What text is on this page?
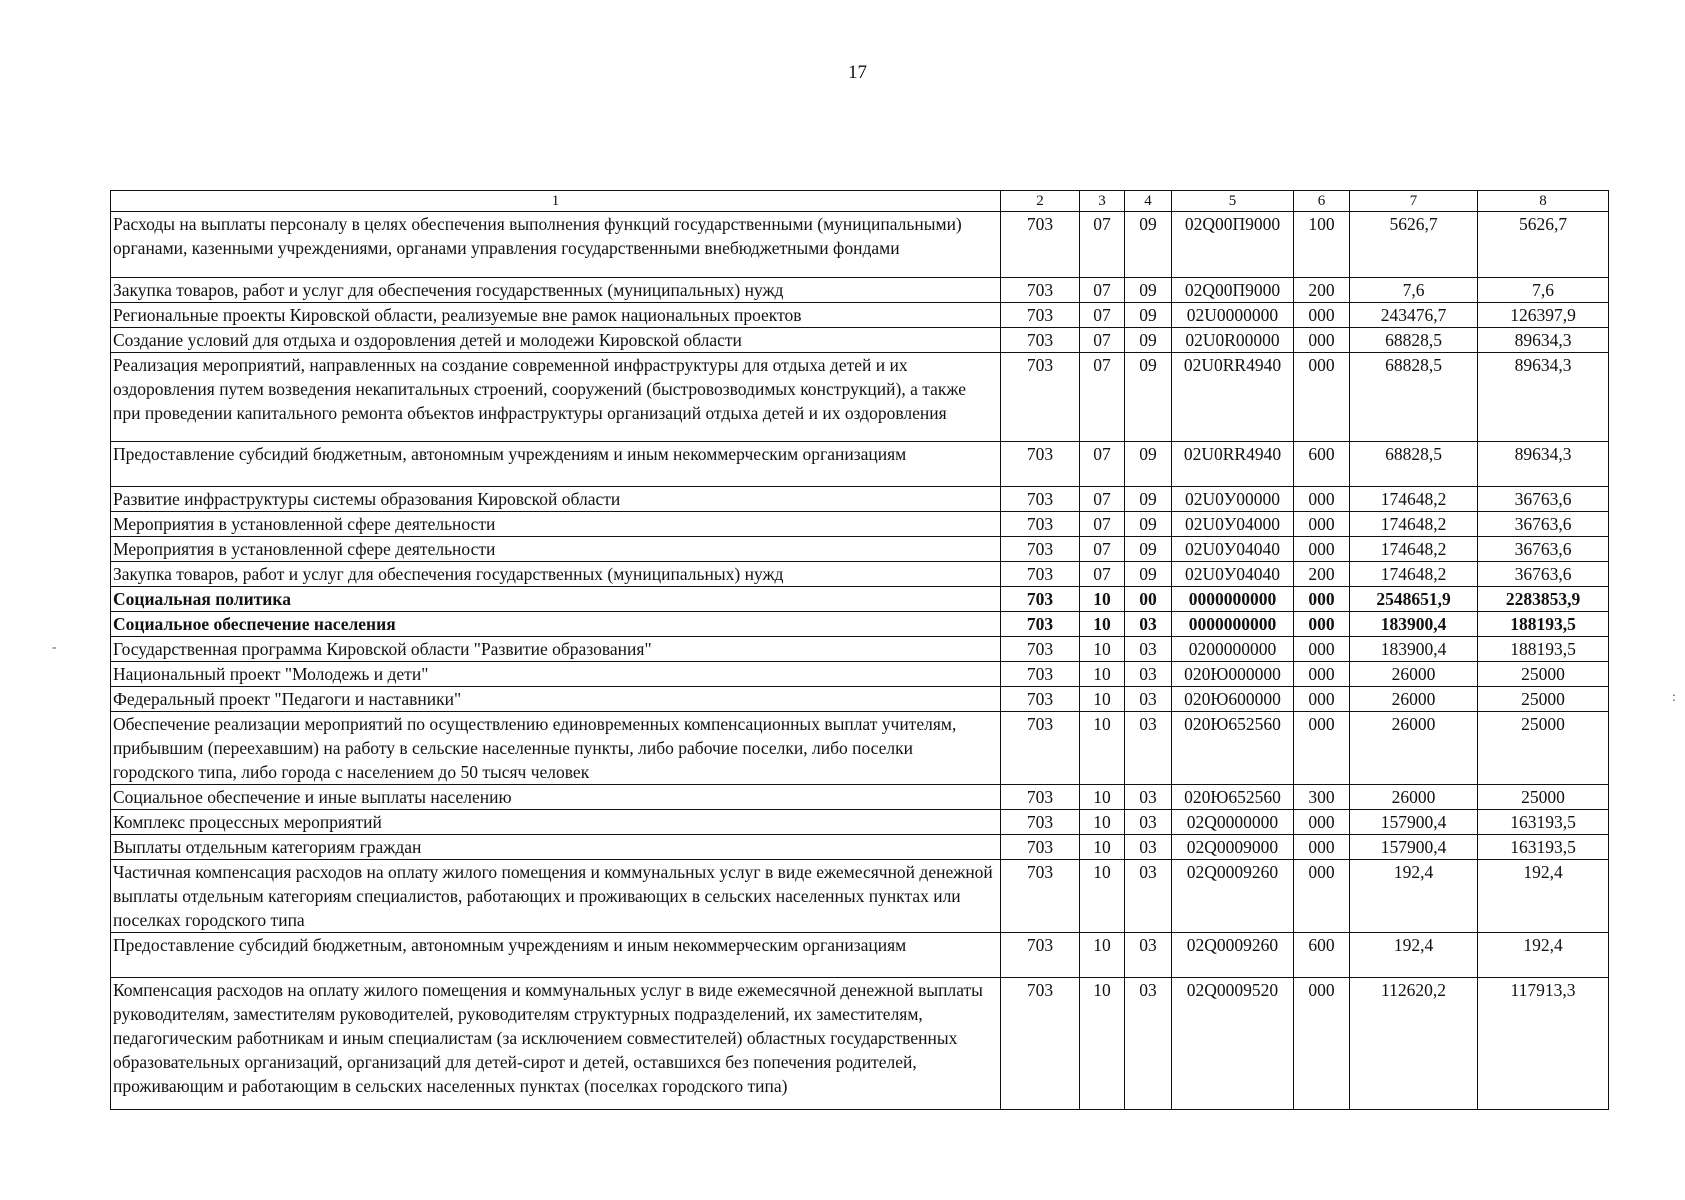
17
1	2	3	4	5	6	7	8
Расходы на выплаты персоналу в целях обеспечения выполнения функций государственными (муниципальными) органами, казенными учреждениями, органами управления государственными внебюджетными фондами	703	07	09	02Q00П9000	100	5626,7	5626,7
Закупка товаров, работ и услуг для обеспечения государственных (муниципальных) нужд	703	07	09	02Q00П9000	200	7,6	7,6
Региональные проекты Кировской области, реализуемые вне рамок национальных проектов	703	07	09	02U0000000	000	243476,7	126397,9
Создание условий для отдыха и оздоровления детей и молодежи Кировской области	703	07	09	02U0R00000	000	68828,5	89634,3
Реализация мероприятий, направленных на создание современной инфраструктуры для отдыха детей и их оздоровления путем возведения некапитальных строений, сооружений (быстровозводимых конструкций), а также при проведении капитального ремонта объектов инфраструктуры организаций отдыха детей и их оздоровления	703	07	09	02U0RR4940	000	68828,5	89634,3
Предоставление субсидий бюджетным, автономным учреждениям и иным некоммерческим организациям	703	07	09	02U0RR4940	600	68828,5	89634,3
Развитие инфраструктуры системы образования Кировской области	703	07	09	02U0У00000	000	174648,2	36763,6
Мероприятия в установленной сфере деятельности	703	07	09	02U0У04000	000	174648,2	36763,6
Мероприятия в установленной сфере деятельности	703	07	09	02U0У04040	000	174648,2	36763,6
Закупка товаров, работ и услуг для обеспечения государственных (муниципальных) нужд	703	07	09	02U0У04040	200	174648,2	36763,6
Социальная политика	703	10	00	0000000000	000	2548651,9	2283853,9
Социальное обеспечение населения	703	10	03	0000000000	000	183900,4	188193,5
Государственная программа Кировской области "Развитие образования"	703	10	03	0200000000	000	183900,4	188193,5
Национальный проект "Молодежь и дети"	703	10	03	020Ю000000	000	26000	25000
Федеральный проект "Педагоги и наставники"	703	10	03	020Ю600000	000	26000	25000
Обеспечение реализации мероприятий по осуществлению единовременных компенсационных выплат учителям, прибывшим (переехавшим) на работу в сельские населенные пункты, либо рабочие поселки, либо поселки городского типа, либо города с населением до 50 тысяч человек	703	10	03	020Ю652560	000	26000	25000
Социальное обеспечение и иные выплаты населению	703	10	03	020Ю652560	300	26000	25000
Комплекс процессных мероприятий	703	10	03	02Q0000000	000	157900,4	163193,5
Выплаты отдельным категориям граждан	703	10	03	02Q0009000	000	157900,4	163193,5
Частичная компенсация расходов на оплату жилого помещения и коммунальных услуг в виде ежемесячной денежной выплаты отдельным категориям специалистов, работающих и проживающих в сельских населенных пунктах или поселках городского типа	703	10	03	02Q0009260	000	192,4	192,4
Предоставление субсидий бюджетным, автономным учреждениям и иным некоммерческим организациям	703	10	03	02Q0009260	600	192,4	192,4
Компенсация расходов на оплату жилого помещения и коммунальных услуг в виде ежемесячной денежной выплаты руководителям, заместителям руководителей, руководителям структурных подразделений, их заместителям, педагогическим работникам и иным специалистам (за исключением совместителей) областных государственных образовательных организаций, организаций для детей-сирот и детей, оставшихся без попечения родителей, проживающим и работающим в сельских населенных пунктах (поселках городского типа)	703	10	03	02Q0009520	000	112620,2	117913,3
-
:
